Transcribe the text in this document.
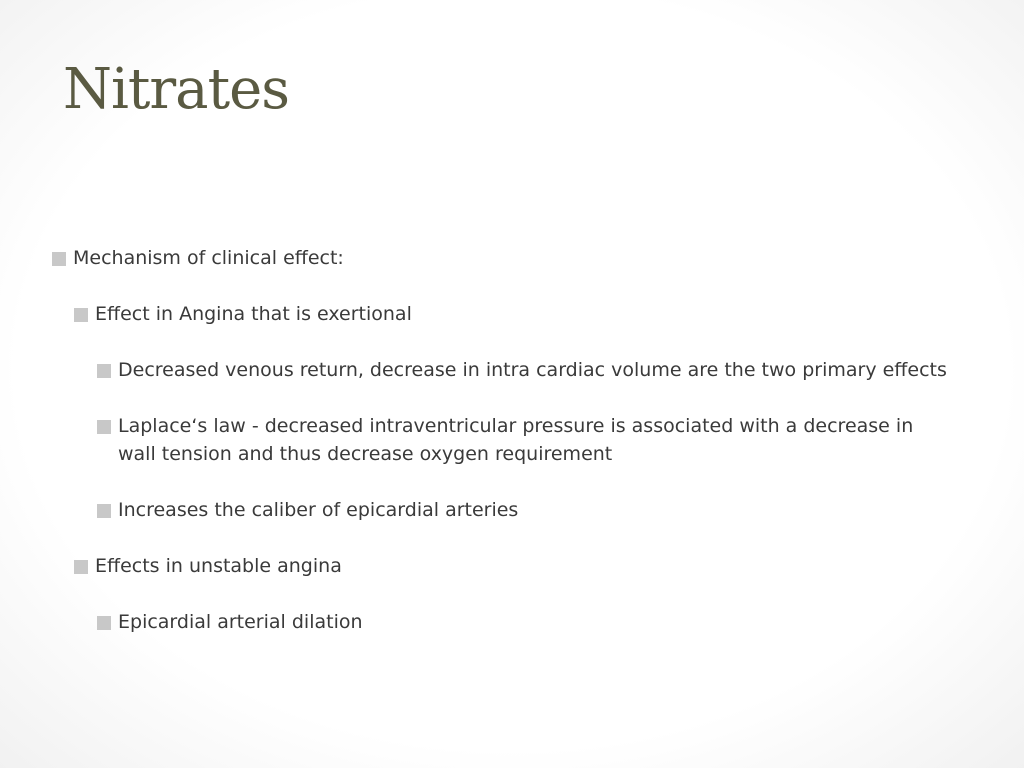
Nitrates
Mechanism of clinical effect:
Effect in Angina that is exertional
Decreased venous return, decrease in intra cardiac volume are the two primary effects
Laplace‘s law - decreased intraventricular pressure is associated with a decrease in wall tension and thus decrease oxygen requirement
Increases the caliber of epicardial arteries
Effects in unstable angina
Epicardial arterial dilation
